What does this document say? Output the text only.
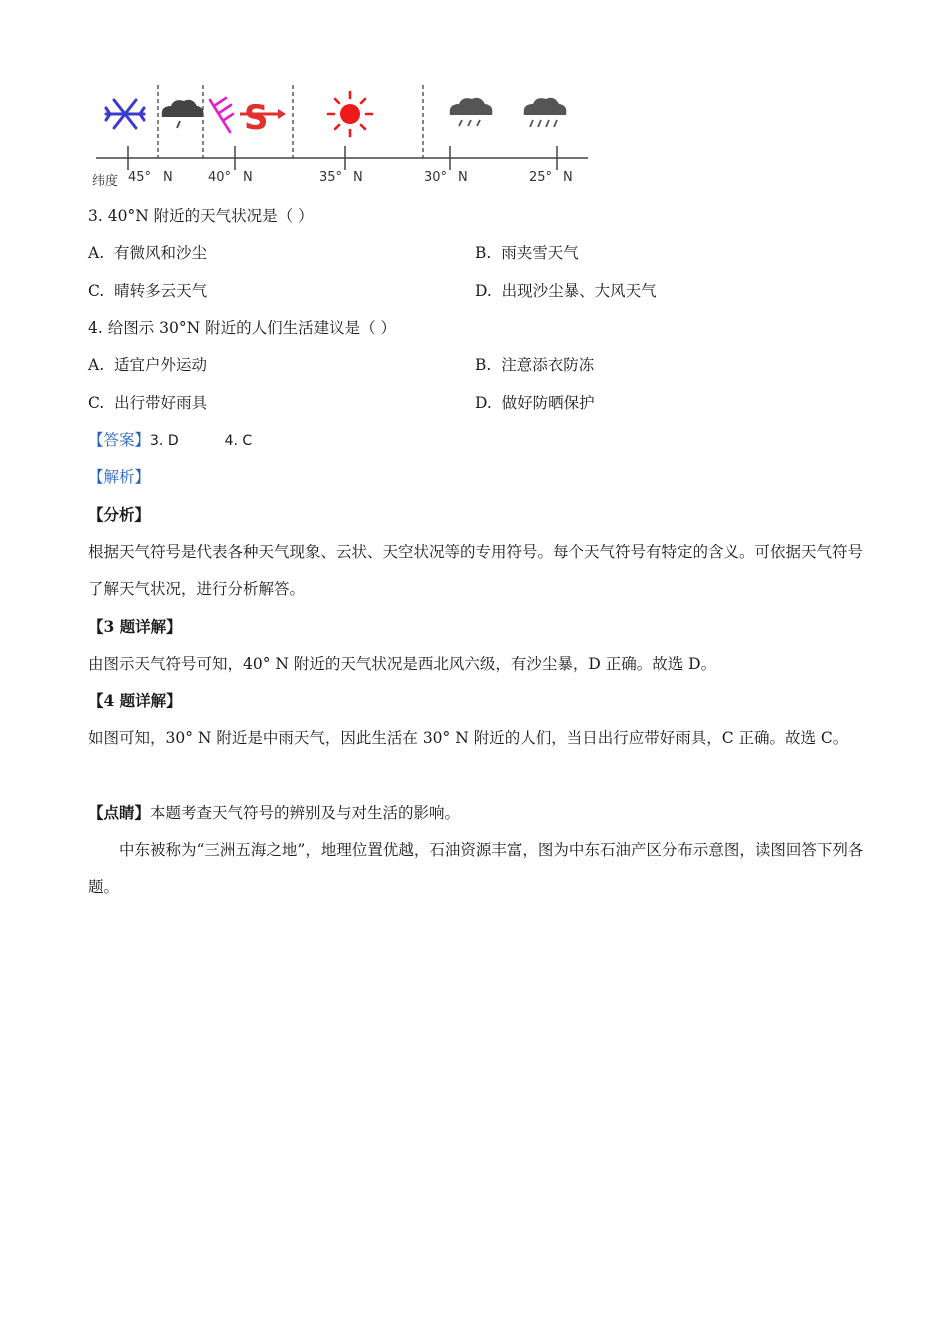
S
纬度 45° N	40° N	35° N	30° N	25° N
3. 40°N 附近的天气状况是（ ）
A. 有微风和沙尘	B. 雨夹雪天气
C. 晴转多云天气	D. 出现沙尘暴、大风天气
4. 给图示 30°N 附近的人们生活建议是（ ）
A. 适宜户外运动	B. 注意添衣防冻
C. 出行带好雨具	D. 做好防晒保护
【答案】3. D	4. C
【解析】
【分析】
根据天气符号是代表各种天气现象、云状、天空状况等的专用符号。每个天气符号有特定的含义。可依据天气符号了解天气状况，进行分析解答。
【3 题详解】
由图示天气符号可知，40° N 附近的天气状况是西北风六级，有沙尘暴，D 正确。故选 D。
【4 题详解】
如图可知，30° N 附近是中雨天气，因此生活在 30° N 附近的人们，当日出行应带好雨具，C 正确。故选 C。
【点睛】本题考查天气符号的辨别及与对生活的影响。
中东被称为“三洲五海之地”，地理位置优越，石油资源丰富，图为中东石油产区分布示意图，读图回答下列各题。
